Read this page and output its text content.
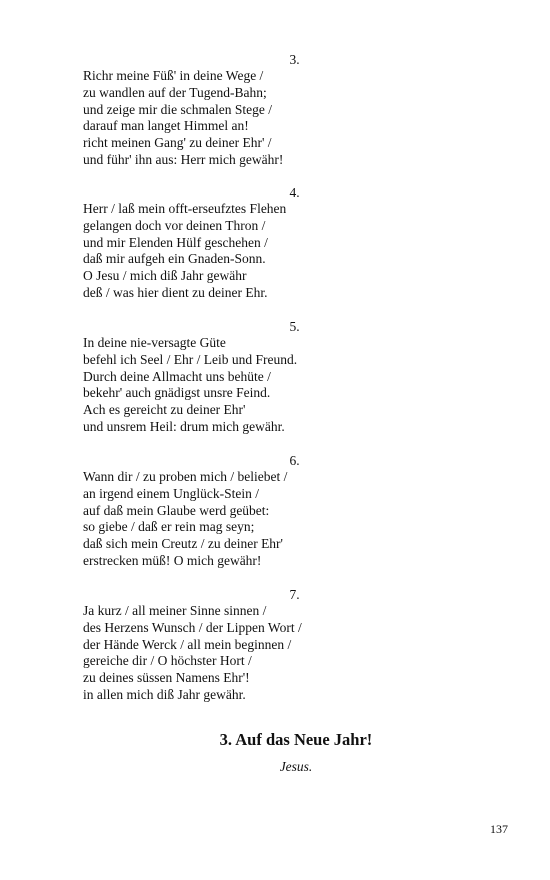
3.
Richr meine Füß' in deine Wege /
zu wandlen auf der Tugend-Bahn;
und zeige mir die schmalen Stege /
darauf man langet Himmel an!
richt meinen Gang' zu deiner Ehr' /
und führ' ihn aus: Herr mich gewähr!
4.
Herr / laß mein offt-erseufztes Flehen
gelangen doch vor deinen Thron /
und mir Elenden Hülf geschehen /
daß mir aufgeh ein Gnaden-Sonn.
O Jesu / mich diß Jahr gewähr
deß / was hier dient zu deiner Ehr.
5.
In deine nie-versagte Güte
befehl ich Seel / Ehr / Leib und Freund.
Durch deine Allmacht uns behüte /
bekehr' auch gnädigst unsre Feind.
Ach es gereicht zu deiner Ehr'
und unsrem Heil: drum mich gewähr.
6.
Wann dir / zu proben mich / beliebet /
an irgend einem Unglück-Stein /
auf daß mein Glaube werd geübet:
so giebe / daß er rein mag seyn;
daß sich mein Creutz / zu deiner Ehr'
erstrecken müß! O mich gewähr!
7.
Ja kurz / all meiner Sinne sinnen /
des Herzens Wunsch / der Lippen Wort /
der Hände Werck / all mein beginnen /
gereiche dir / O höchster Hort /
zu deines süssen Namens Ehr'!
in allen mich diß Jahr gewähr.
3. Auf das Neue Jahr!
Jesus.
137
